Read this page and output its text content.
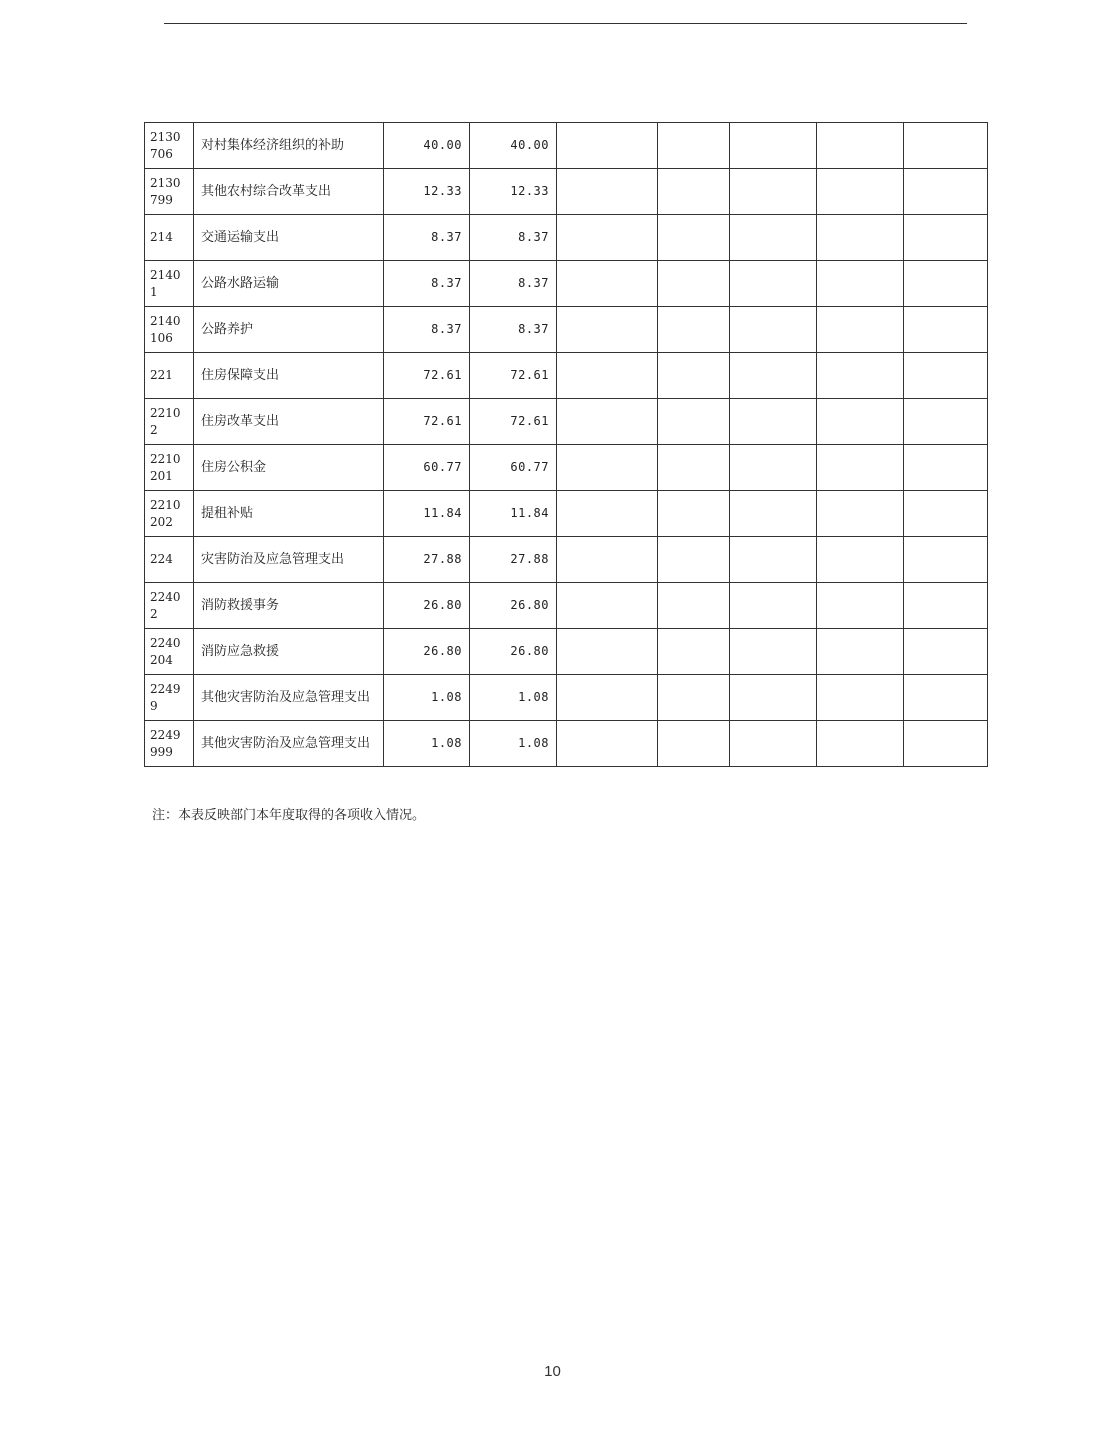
2130706	对村集体经济组织的补助	40.00	40.00					
2130799	其他农村综合改革支出	12.33	12.33					
214	交通运输支出	8.37	8.37					
21401	公路水路运输	8.37	8.37					
2140106	公路养护	8.37	8.37					
221	住房保障支出	72.61	72.61					
22102	住房改革支出	72.61	72.61					
2210201	住房公积金	60.77	60.77					
2210202	提租补贴	11.84	11.84					
224	灾害防治及应急管理支出	27.88	27.88					
22402	消防救援事务	26.80	26.80					
2240204	消防应急救援	26.80	26.80					
22499	其他灾害防治及应急管理支出	1.08	1.08					
2249999	其他灾害防治及应急管理支出	1.08	1.08					
注：本表反映部门本年度取得的各项收入情况。
10
